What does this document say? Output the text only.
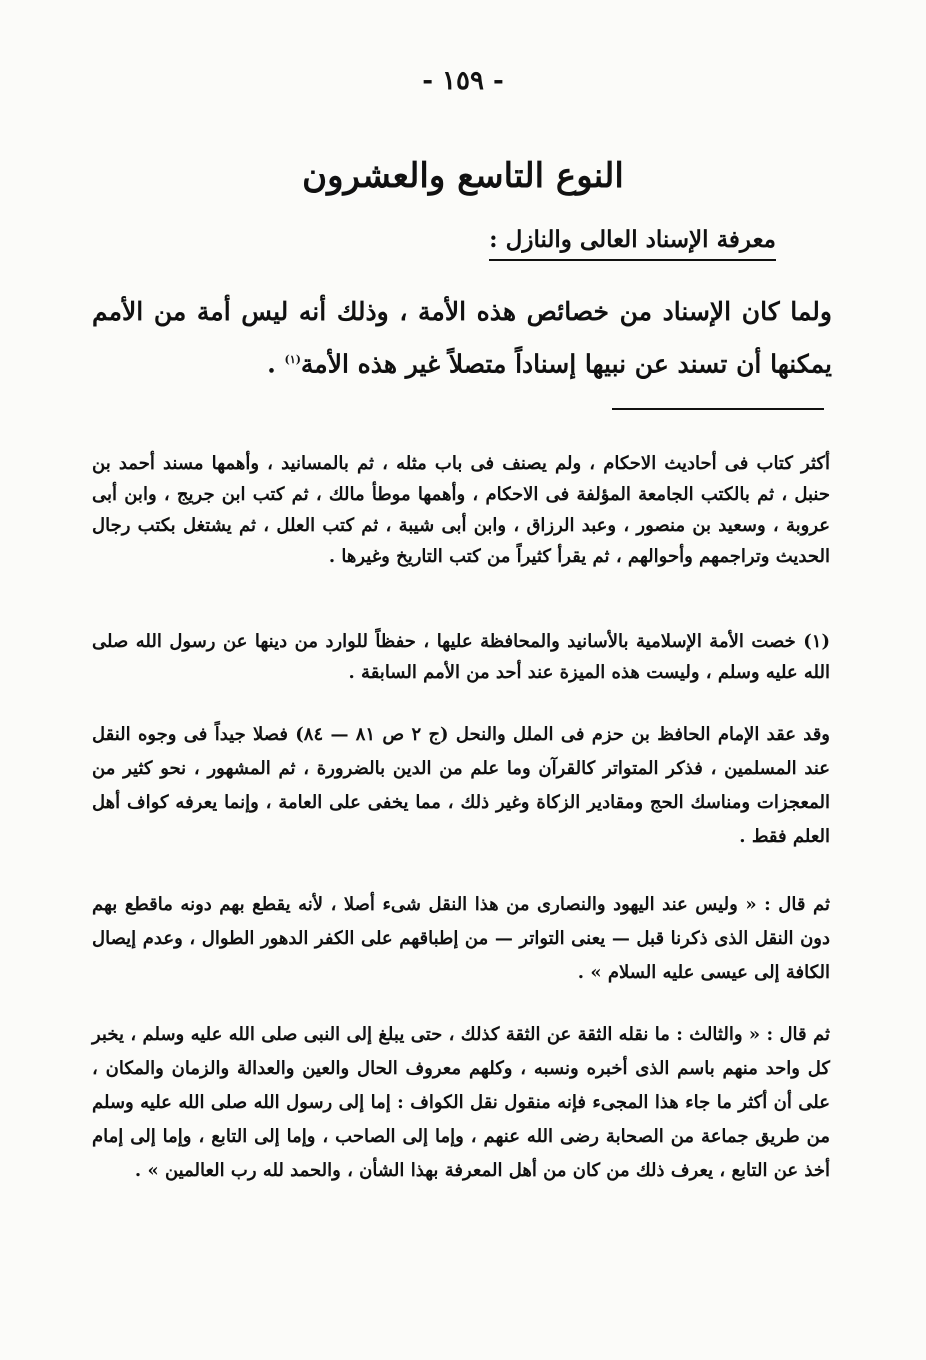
- ١٥٩ -
النوع التاسع والعشرون
معرفة الإسناد العالى والنازل :
ولما كان الإسناد من خصائص هذه الأمة ، وذلك أنه ليس أمة من الأمم يمكنها أن تسند عن نبيها إسناداً متصلاً غير هذه الأمة$^{(١)}$ .
أكثر كتاب فى أحاديث الاحكام ، ولم يصنف فى باب مثله ، ثم بالمسانيد ، وأهمها مسند أحمد بن حنبل ، ثم بالكتب الجامعة المؤلفة فى الاحكام ، وأهمها موطأ مالك ، ثم كتب ابن جريج ، وابن أبى عروبة ، وسعيد بن منصور ، وعبد الرزاق ، وابن أبى شيبة ، ثم كتب العلل ، ثم يشتغل بكتب رجال الحديث وتراجمهم وأحوالهم ، ثم يقرأ كثيراً من كتب التاريخ وغيرها .
(١) خصت الأمة الإسلامية بالأسانيد والمحافظة عليها ، حفظاً للوارد من دينها عن رسول الله صلى الله عليه وسلم ، وليست هذه الميزة عند أحد من الأمم السابقة .
وقد عقد الإمام الحافظ بن حزم فى الملل والنحل (ج ٢ ص ٨١ — ٨٤) فصلا جيداً فى وجوه النقل عند المسلمين ، فذكر المتواتر كالقرآن وما علم من الدين بالضرورة ، ثم المشهور ، نحو كثير من المعجزات ومناسك الحج ومقادير الزكاة وغير ذلك ، مما يخفى على العامة ، وإنما يعرفه كواف أهل العلم فقط .
ثم قال : « وليس عند اليهود والنصارى من هذا النقل شىء أصلا ، لأنه يقطع بهم دونه ماقطع بهم دون النقل الذى ذكرنا قبل — يعنى التواتر — من إطباقهم على الكفر الدهور الطوال ، وعدم إيصال الكافة إلى عيسى عليه السلام » .
ثم قال : « والثالث : ما نقله الثقة عن الثقة كذلك ، حتى يبلغ إلى النبى صلى الله عليه وسلم ، يخبر كل واحد منهم باسم الذى أخبره ونسبه ، وكلهم معروف الحال والعين والعدالة والزمان والمكان ، على أن أكثر ما جاء هذا المجىء فإنه منقول نقل الكواف : إما إلى رسول الله صلى الله عليه وسلم من طريق جماعة من الصحابة رضى الله عنهم ، وإما إلى الصاحب ، وإما إلى التابع ، وإما إلى إمام أخذ عن التابع ، يعرف ذلك من كان من أهل المعرفة بهذا الشأن ، والحمد لله رب العالمين » .
